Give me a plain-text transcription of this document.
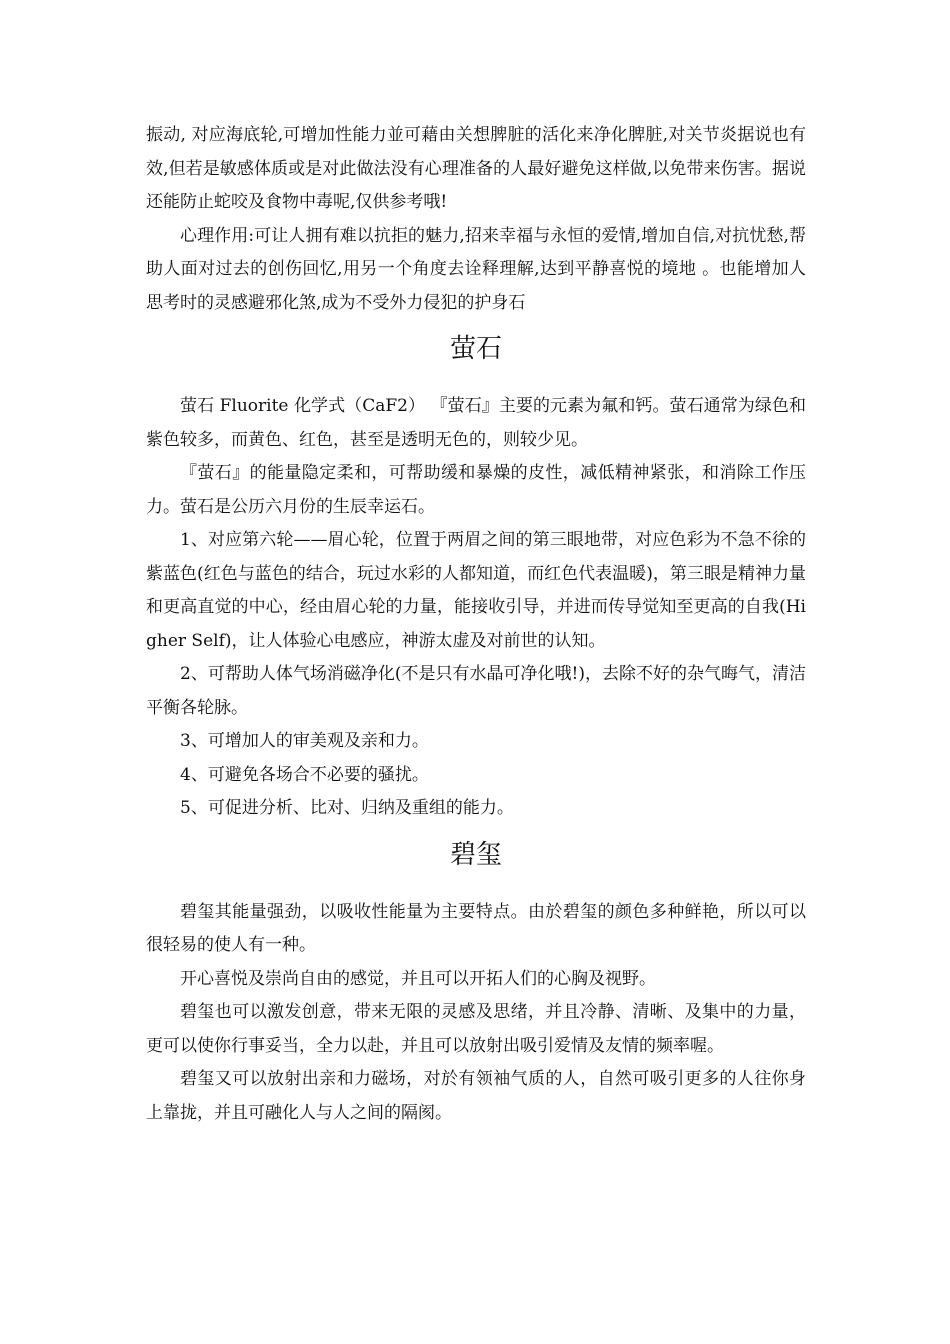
振动, 对应海底轮,可增加性能力並可藉由关想脾脏的活化来净化脾脏,对关节炎据说也有效,但若是敏感体质或是对此做法没有心理准备的人最好避免这样做,以免带来伤害。据说还能防止蛇咬及食物中毒呢,仅供参考哦!

心理作用:可让人拥有难以抗拒的魅力,招来幸福与永恒的爱情,增加自信,对抗忧愁,帮助人面对过去的创伤回忆,用另一个角度去诠释理解,达到平静喜悦的境地 。也能增加人思考时的灵感避邪化煞,成为不受外力侵犯的护身石

萤石

萤石 Fluorite 化学式（CaF2） 『萤石』主要的元素为氟和钙。萤石通常为绿色和紫色较多，而黄色、红色，甚至是透明无色的，则较少见。

『萤石』的能量隐定柔和，可帮助缓和暴燥的皮性，减低精神紧张，和消除工作压力。萤石是公历六月份的生辰幸运石。

1、对应第六轮——眉心轮，位置于两眉之间的第三眼地带，对应色彩为不急不徐的紫蓝色(红色与蓝色的结合，玩过水彩的人都知道，而红色代表温暖)，第三眼是精神力量和更高直觉的中心，经由眉心轮的力量，能接收引导，并进而传导觉知至更高的自我(Higher Self)，让人体验心电感应，神游太虚及对前世的认知。

2、可帮助人体气场消磁净化(不是只有水晶可净化哦!)，去除不好的杂气晦气，清洁平衡各轮脉。

3、可增加人的审美观及亲和力。

4、可避免各场合不必要的骚扰。

5、可促进分析、比对、归纳及重组的能力。

碧玺

碧玺其能量强劲，以吸收性能量为主要特点。由於碧玺的颜色多种鲜艳，所以可以很轻易的使人有一种。

开心喜悦及崇尚自由的感觉，并且可以开拓人们的心胸及视野。

碧玺也可以激发创意，带来无限的灵感及思绪，并且冷静、清晰、及集中的力量，更可以使你行事妥当，全力以赴，并且可以放射出吸引爱情及友情的频率喔。

碧玺又可以放射出亲和力磁场，对於有领袖气质的人，自然可吸引更多的人往你身上靠拢，并且可融化人与人之间的隔阂。
